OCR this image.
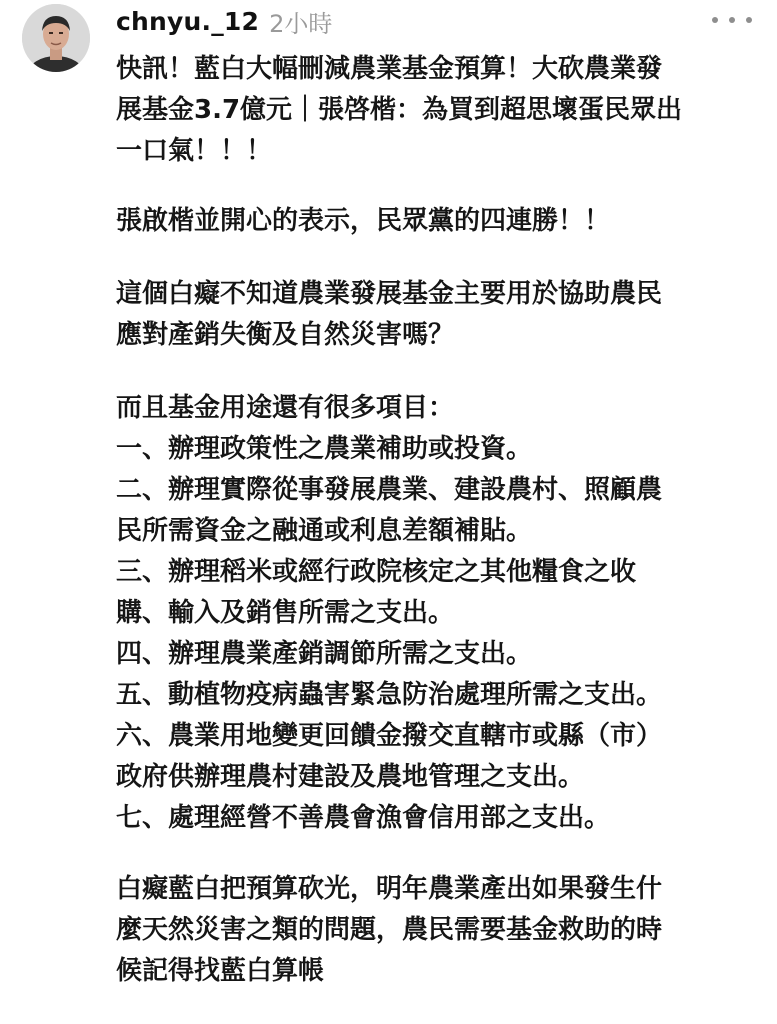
chnyu._12 2小時

快訊！藍白大幅刪減農業基金預算！大砍農業發
展基金3.7億元｜張啓楷：為買到超思壞蛋民眾出
一口氣！！！

張啟楷並開心的表示，民眾黨的四連勝！！

這個白癡不知道農業發展基金主要用於協助農民
應對產銷失衡及自然災害嗎？

而且基金用途還有很多項目：
一、辦理政策性之農業補助或投資。
二、辦理實際從事發展農業、建設農村、照顧農
民所需資金之融通或利息差額補貼。
三、辦理稻米或經行政院核定之其他糧食之收
購、輸入及銷售所需之支出。
四、辦理農業產銷調節所需之支出。
五、動植物疫病蟲害緊急防治處理所需之支出。
六、農業用地變更回饋金撥交直轄市或縣（市）
政府供辦理農村建設及農地管理之支出。
七、處理經營不善農會漁會信用部之支出。

白癡藍白把預算砍光，明年農業產出如果發生什
麼天然災害之類的問題，農民需要基金救助的時
候記得找藍白算帳
